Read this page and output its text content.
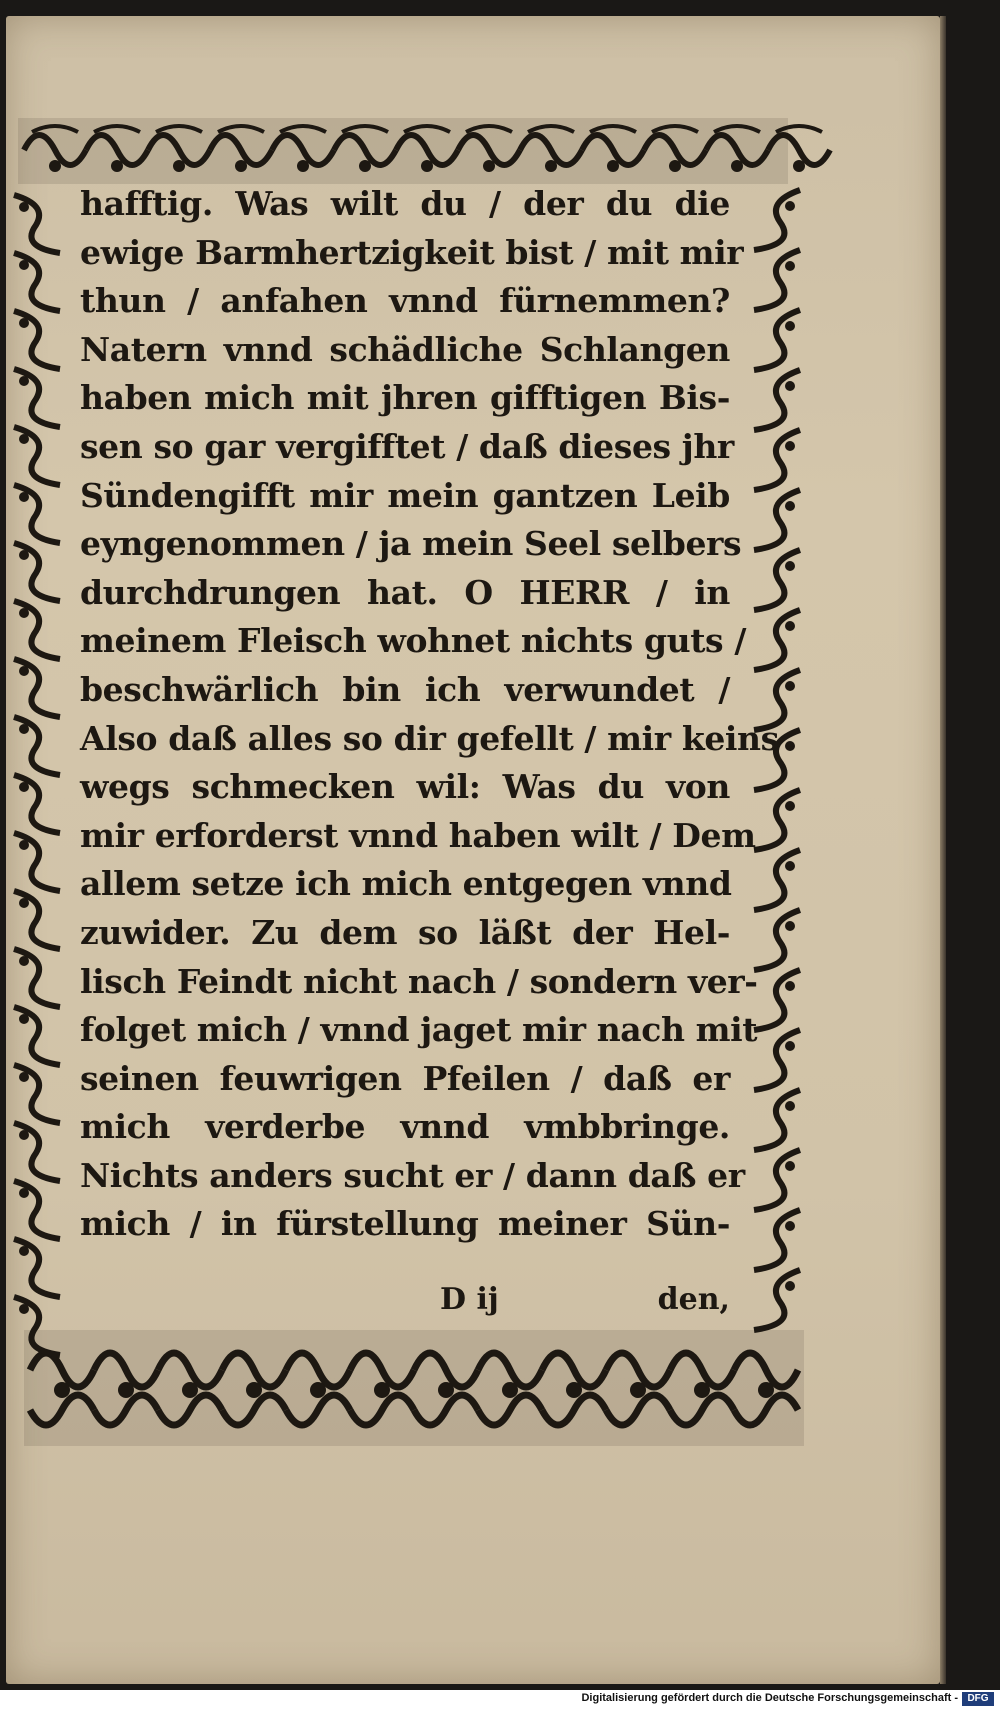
hafftig. Was wilt du / der du die
ewige Barmhertzigkeit bist / mit mir
thun / anfahen vnnd fürnemmen?
Natern vnnd schädliche Schlangen
haben mich mit jhren gifftigen Bis-
sen so gar vergifftet / daß dieses jhr
Sündengifft mir mein gantzen Leib
eyngenommen / ja mein Seel selbers
durchdrungen hat. O HERR / in
meinem Fleisch wohnet nichts guts /
beschwärlich bin ich verwundet /
Also daß alles so dir gefellt / mir keins
wegs schmecken wil: Was du von
mir erforderst vnnd haben wilt / Dem
allem setze ich mich entgegen vnnd
zuwider. Zu dem so läßt der Hel-
lisch Feindt nicht nach / sondern ver-
folget mich / vnnd jaget mir nach mit
seinen feuwrigen Pfeilen / daß er
mich verderbe vnnd vmbbringe.
Nichts anders sucht er / dann daß er
mich / in fürstellung meiner Sün-
D ij	den,
Digitalisierung gefördert durch die Deutsche Forschungsgemeinschaft - DFG
